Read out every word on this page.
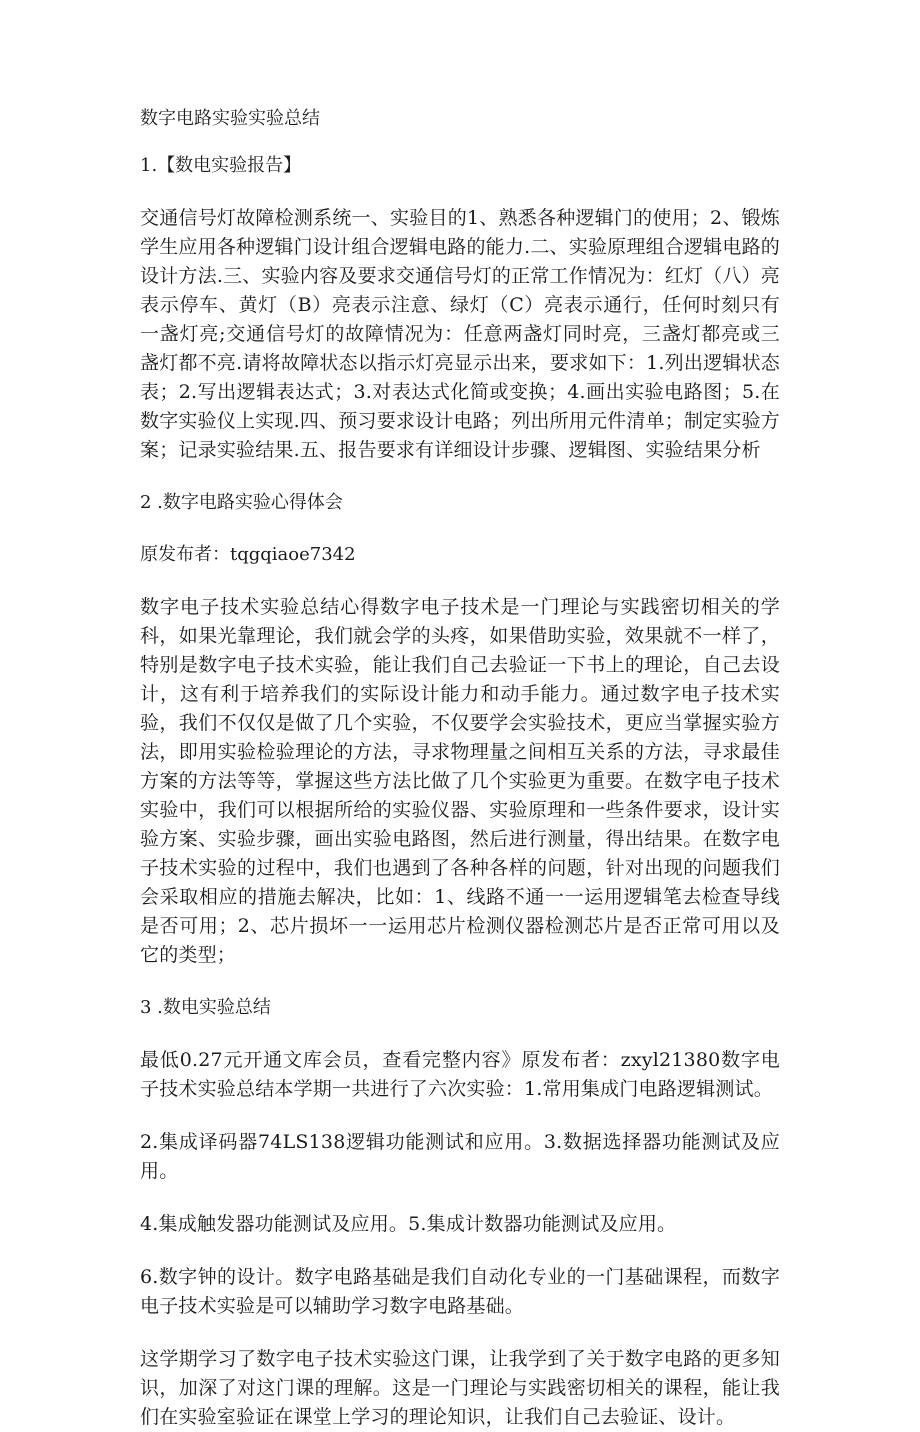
数字电路实验实验总结
1.【数电实验报告】

交通信号灯故障检测系统一、实验目的1、熟悉各种逻辑门的使用；2、锻炼学生应用各种逻辑门设计组合逻辑电路的能力.二、实验原理组合逻辑电路的设计方法.三、实验内容及要求交通信号灯的正常工作情况为：红灯（八）亮表示停车、黄灯（B）亮表示注意、绿灯（C）亮表示通行，任何时刻只有一盏灯亮;交通信号灯的故障情况为：任意两盏灯同时亮，三盏灯都亮或三盏灯都不亮.请将故障状态以指示灯亮显示出来，要求如下：1.列出逻辑状态表；2.写出逻辑表达式；3.对表达式化简或变换；4.画出实验电路图；5.在数字实验仪上实现.四、预习要求设计电路；列出所用元件清单；制定实验方案；记录实验结果.五、报告要求有详细设计步骤、逻辑图、实验结果分析

2 .数字电路实验心得体会
原发布者：tqgqiaoe7342

数字电子技术实验总结心得数字电子技术是一门理论与实践密切相关的学科，如果光靠理论，我们就会学的头疼，如果借助实验，效果就不一样了，特别是数字电子技术实验，能让我们自己去验证一下书上的理论，自己去设计，这有利于培养我们的实际设计能力和动手能力。通过数字电子技术实验，我们不仅仅是做了几个实验，不仅要学会实验技术，更应当掌握实验方法，即用实验检验理论的方法，寻求物理量之间相互关系的方法，寻求最佳方案的方法等等，掌握这些方法比做了几个实验更为重要。在数字电子技术实验中，我们可以根据所给的实验仪器、实验原理和一些条件要求，设计实验方案、实验步骤，画出实验电路图，然后进行测量，得出结果。在数字电子技术实验的过程中，我们也遇到了各种各样的问题，针对出现的问题我们会采取相应的措施去解决，比如：1、线路不通一一运用逻辑笔去检查导线是否可用；2、芯片损坏一一运用芯片检测仪器检测芯片是否正常可用以及它的类型；

3 .数电实验总结

最低0.27元开通文库会员，查看完整内容》原发布者：zxyl21380数字电子技术实验总结本学期一共进行了六次实验：1.常用集成门电路逻辑测试。

2.集成译码器74LS138逻辑功能测试和应用。3.数据选择器功能测试及应用。

4.集成触发器功能测试及应用。5.集成计数器功能测试及应用。

6.数字钟的设计。数字电路基础是我们自动化专业的一门基础课程，而数字电子技术实验是可以辅助学习数字电路基础。

这学期学习了数字电子技术实验这门课，让我学到了关于数字电路的更多知识，加深了对这门课的理解。这是一门理论与实践密切相关的课程，能让我们在实验室验证在课堂上学习的理论知识，让我们自己去验证、设计。
